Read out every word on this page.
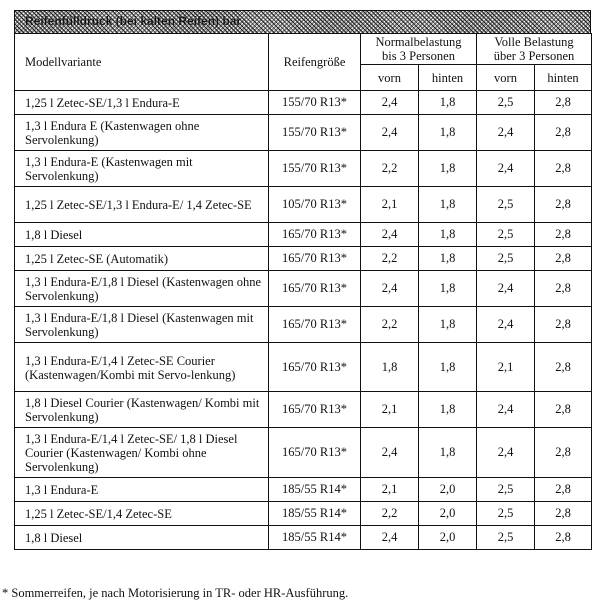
Reifenfülldruck (bei kalten Reifen) bar
Modellvariante	Reifengröße	Normalbelastung bis 3 Personen		Volle Belastung über 3 Personen	
		vorn	hinten	vorn	hinten
1,25 l Zetec-SE/1,3 l Endura-E	155/70 R13*	2,4	1,8	2,5	2,8
1,3 l Endura E (Kastenwagen ohne Servolenkung)	155/70 R13*	2,4	1,8	2,4	2,8
1,3 l Endura-E (Kastenwagen mit Servolenkung)	155/70 R13*	2,2	1,8	2,4	2,8
1,25 l Zetec-SE/1,3 l Endura-E/ 1,4 Zetec-SE	105/70 R13*	2,1	1,8	2,5	2,8
1,8 l Diesel	165/70 R13*	2,4	1,8	2,5	2,8
1,25 l Zetec-SE (Automatik)	165/70 R13*	2,2	1,8	2,5	2,8
1,3 l Endura-E/1,8 l Diesel (Kastenwagen ohne Servolenkung)	165/70 R13*	2,4	1,8	2,4	2,8
1,3 l Endura-E/1,8 l Diesel (Kastenwagen mit Servolenkung)	165/70 R13*	2,2	1,8	2,4	2,8
1,3 l Endura-E/1,4 l Zetec-SE Courier (Kastenwagen/Kombi mit Servo-lenkung)	165/70 R13*	1,8	1,8	2,1	2,8
1,8 l Diesel Courier (Kastenwagen/ Kombi mit Servolenkung)	165/70 R13*	2,1	1,8	2,4	2,8
1,3 l Endura-E/1,4 l Zetec-SE/ 1,8 l Diesel Courier (Kastenwagen/ Kombi ohne Servolenkung)	165/70 R13*	2,4	1,8	2,4	2,8
1,3 l Endura-E	185/55 R14*	2,1	2,0	2,5	2,8
1,25 l Zetec-SE/1,4 Zetec-SE	185/55 R14*	2,2	2,0	2,5	2,8
1,8 l Diesel	185/55 R14*	2,4	2,0	2,5	2,8
* Sommerreifen, je nach Motorisierung in TR- oder HR-Ausführung.
